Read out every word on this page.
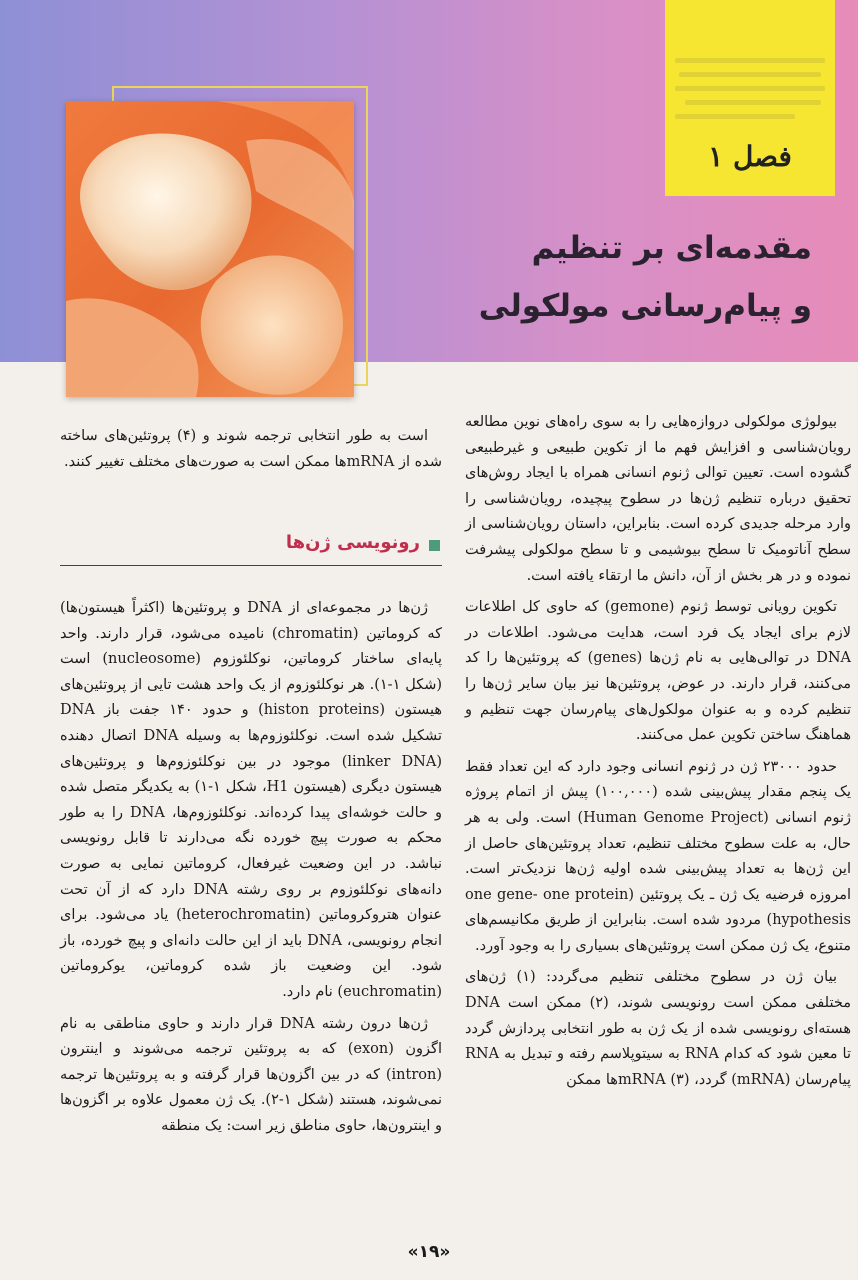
فصل ۱
مقدمه‌ای بر تنظیم
و پیام‌رسانی مولکولی

بیولوژی مولکولی دروازه‌هایی را به سوی راه‌های نوین مطالعه رویان‌شناسی و افزایش فهم ما از تکوین طبیعی و غیرطبیعی گشوده است. تعیین توالی ژنوم انسانی همراه با ایجاد روش‌های تحقیق درباره تنظیم ژن‌ها در سطوح پیچیده، رویان‌شناسی را وارد مرحله جدیدی کرده است. بنابراین، داستان رویان‌شناسی از سطح آناتومیک تا سطح بیوشیمی و تا سطح مولکولی پیشرفت نموده و در هر بخش از آن، دانش ما ارتقاء یافته است.

تکوین رویانی توسط ژنوم (gemone) که حاوی کل اطلاعات لازم برای ایجاد یک فرد است، هدایت می‌شود. اطلاعات در DNA در توالی‌هایی به نام ژن‌ها (genes) که پروتئین‌ها را کد می‌کنند، قرار دارند. در عوض، پروتئین‌ها نیز بیان سایر ژن‌ها را تنظیم کرده و به عنوان مولکول‌های پیام‌رسان جهت تنظیم و هماهنگ ساختن تکوین عمل می‌کنند.

حدود ۲۳۰۰۰ ژن در ژنوم انسانی وجود دارد که این تعداد فقط یک پنجم مقدار پیش‌بینی شده (۱۰۰,۰۰۰) پیش از اتمام پروژه ژنوم انسانی (Human Genome Project) است. ولی به هر حال، به علت سطوح مختلف تنظیم، تعداد پروتئین‌های حاصل از این ژن‌ها به تعداد پیش‌بینی شده اولیه ژن‌ها نزدیک‌تر است. امروزه فرضیه یک ژن ـ یک پروتئین (one gene- one protein hypothesis) مردود شده است. بنابراین از طریق مکانیسم‌های متنوع، یک ژن ممکن است پروتئین‌های بسیاری را به وجود آورد.

بیان ژن در سطوح مختلفی تنظیم می‌گردد: (۱) ژن‌های مختلفی ممکن است رونویسی شوند، (۲) ممکن است DNA هسته‌ای رونویسی شده از یک ژن به طور انتخابی پردازش گردد تا معین شود که کدام RNA به سیتوپلاسم رفته و تبدیل به RNA پیام‌رسان (mRNA) گردد، (۳) mRNAها ممکن

است به طور انتخابی ترجمه شوند و (۴) پروتئین‌های ساخته شده از mRNAها ممکن است به صورت‌های مختلف تغییر کنند.

رونویسی ژن‌ها

ژن‌ها در مجموعه‌ای از DNA و پروتئین‌ها (اکثراً هیستون‌ها) که کروماتین (chromatin) نامیده می‌شود، قرار دارند. واحد پایه‌ای ساختار کروماتین، نوکلئوزوم (nucleosome) است (شکل ۱-۱). هر نوکلئوزوم از یک واحد هشت تایی از پروتئین‌های هیستون (histon proteins) و حدود ۱۴۰ جفت باز DNA تشکیل شده است. نوکلئوزوم‌ها به وسیله DNA اتصال دهنده (linker DNA) موجود در بین نوکلئوزوم‌ها و پروتئین‌های هیستون دیگری (هیستون H1، شکل ۱-۱) به یکدیگر متصل شده و حالت خوشه‌ای پیدا کرده‌اند. نوکلئوزوم‌ها، DNA را به طور محکم به صورت پیچ خورده نگه می‌دارند تا قابل رونویسی نباشد. در این وضعیت غیرفعال، کروماتین نمایی به صورت دانه‌های نوکلئوزوم بر روی رشته DNA دارد که از آن تحت عنوان هتروکروماتین (heterochromatin) یاد می‌شود. برای انجام رونویسی، DNA باید از این حالت دانه‌ای و پیچ خورده، باز شود. این وضعیت باز شده کروماتین، یوکروماتین (euchromatin) نام دارد.

ژن‌ها درون رشته DNA قرار دارند و حاوی مناطقی به نام اگزون (exon) که به پروتئین ترجمه می‌شوند و اینترون (intron) که در بین اگزون‌ها قرار گرفته و به پروتئین‌ها ترجمه نمی‌شوند، هستند (شکل ۱-۲). یک ژن معمول علاوه بر اگزون‌ها و اینترون‌ها، حاوی مناطق زیر است: یک منطقه

«۱۹»
